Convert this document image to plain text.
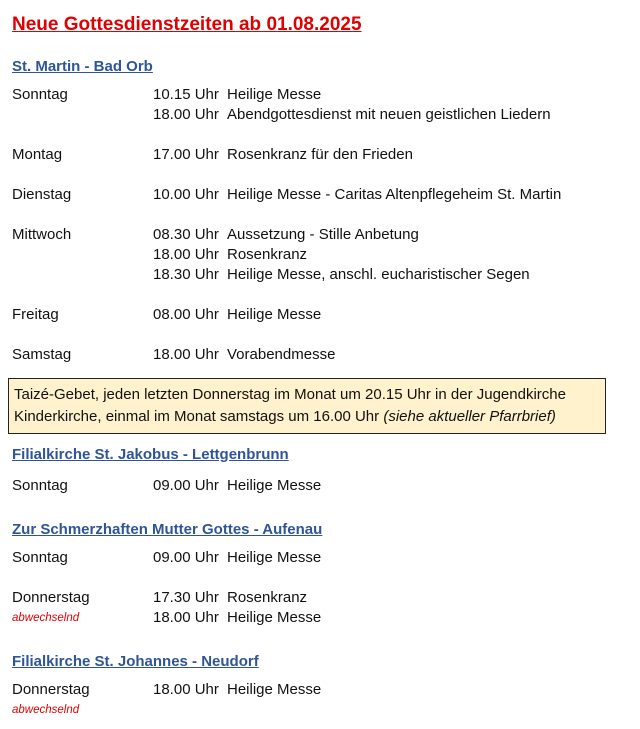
Neue Gottesdienstzeiten ab 01.08.2025
St. Martin - Bad Orb
Sonntag	10.15 Uhr Heilige Messe
18.00 Uhr Abendgottesdienst mit neuen geistlichen Liedern
Montag	17.00 Uhr Rosenkranz für den Frieden
Dienstag	10.00 Uhr Heilige Messe - Caritas Altenpflegeheim St. Martin
Mittwoch	08.30 Uhr Aussetzung - Stille Anbetung
18.00 Uhr Rosenkranz
18.30 Uhr Heilige Messe, anschl. eucharistischer Segen
Freitag	08.00 Uhr Heilige Messe
Samstag	18.00 Uhr Vorabendmesse
Taizé-Gebet, jeden letzten Donnerstag im Monat um 20.15 Uhr in der Jugendkirche
Kinderkirche, einmal im Monat samstags um 16.00 Uhr (siehe aktueller Pfarrbrief)
Filialkirche St. Jakobus - Lettgenbrunn
Sonntag	09.00 Uhr Heilige Messe
Zur Schmerzhaften Mutter Gottes - Aufenau
Sonntag	09.00 Uhr Heilige Messe
Donnerstag	17.30 Uhr Rosenkranz
18.00 Uhr Heilige Messe
abwechselnd
Filialkirche St. Johannes - Neudorf
Donnerstag	18.00 Uhr Heilige Messe
abwechselnd
